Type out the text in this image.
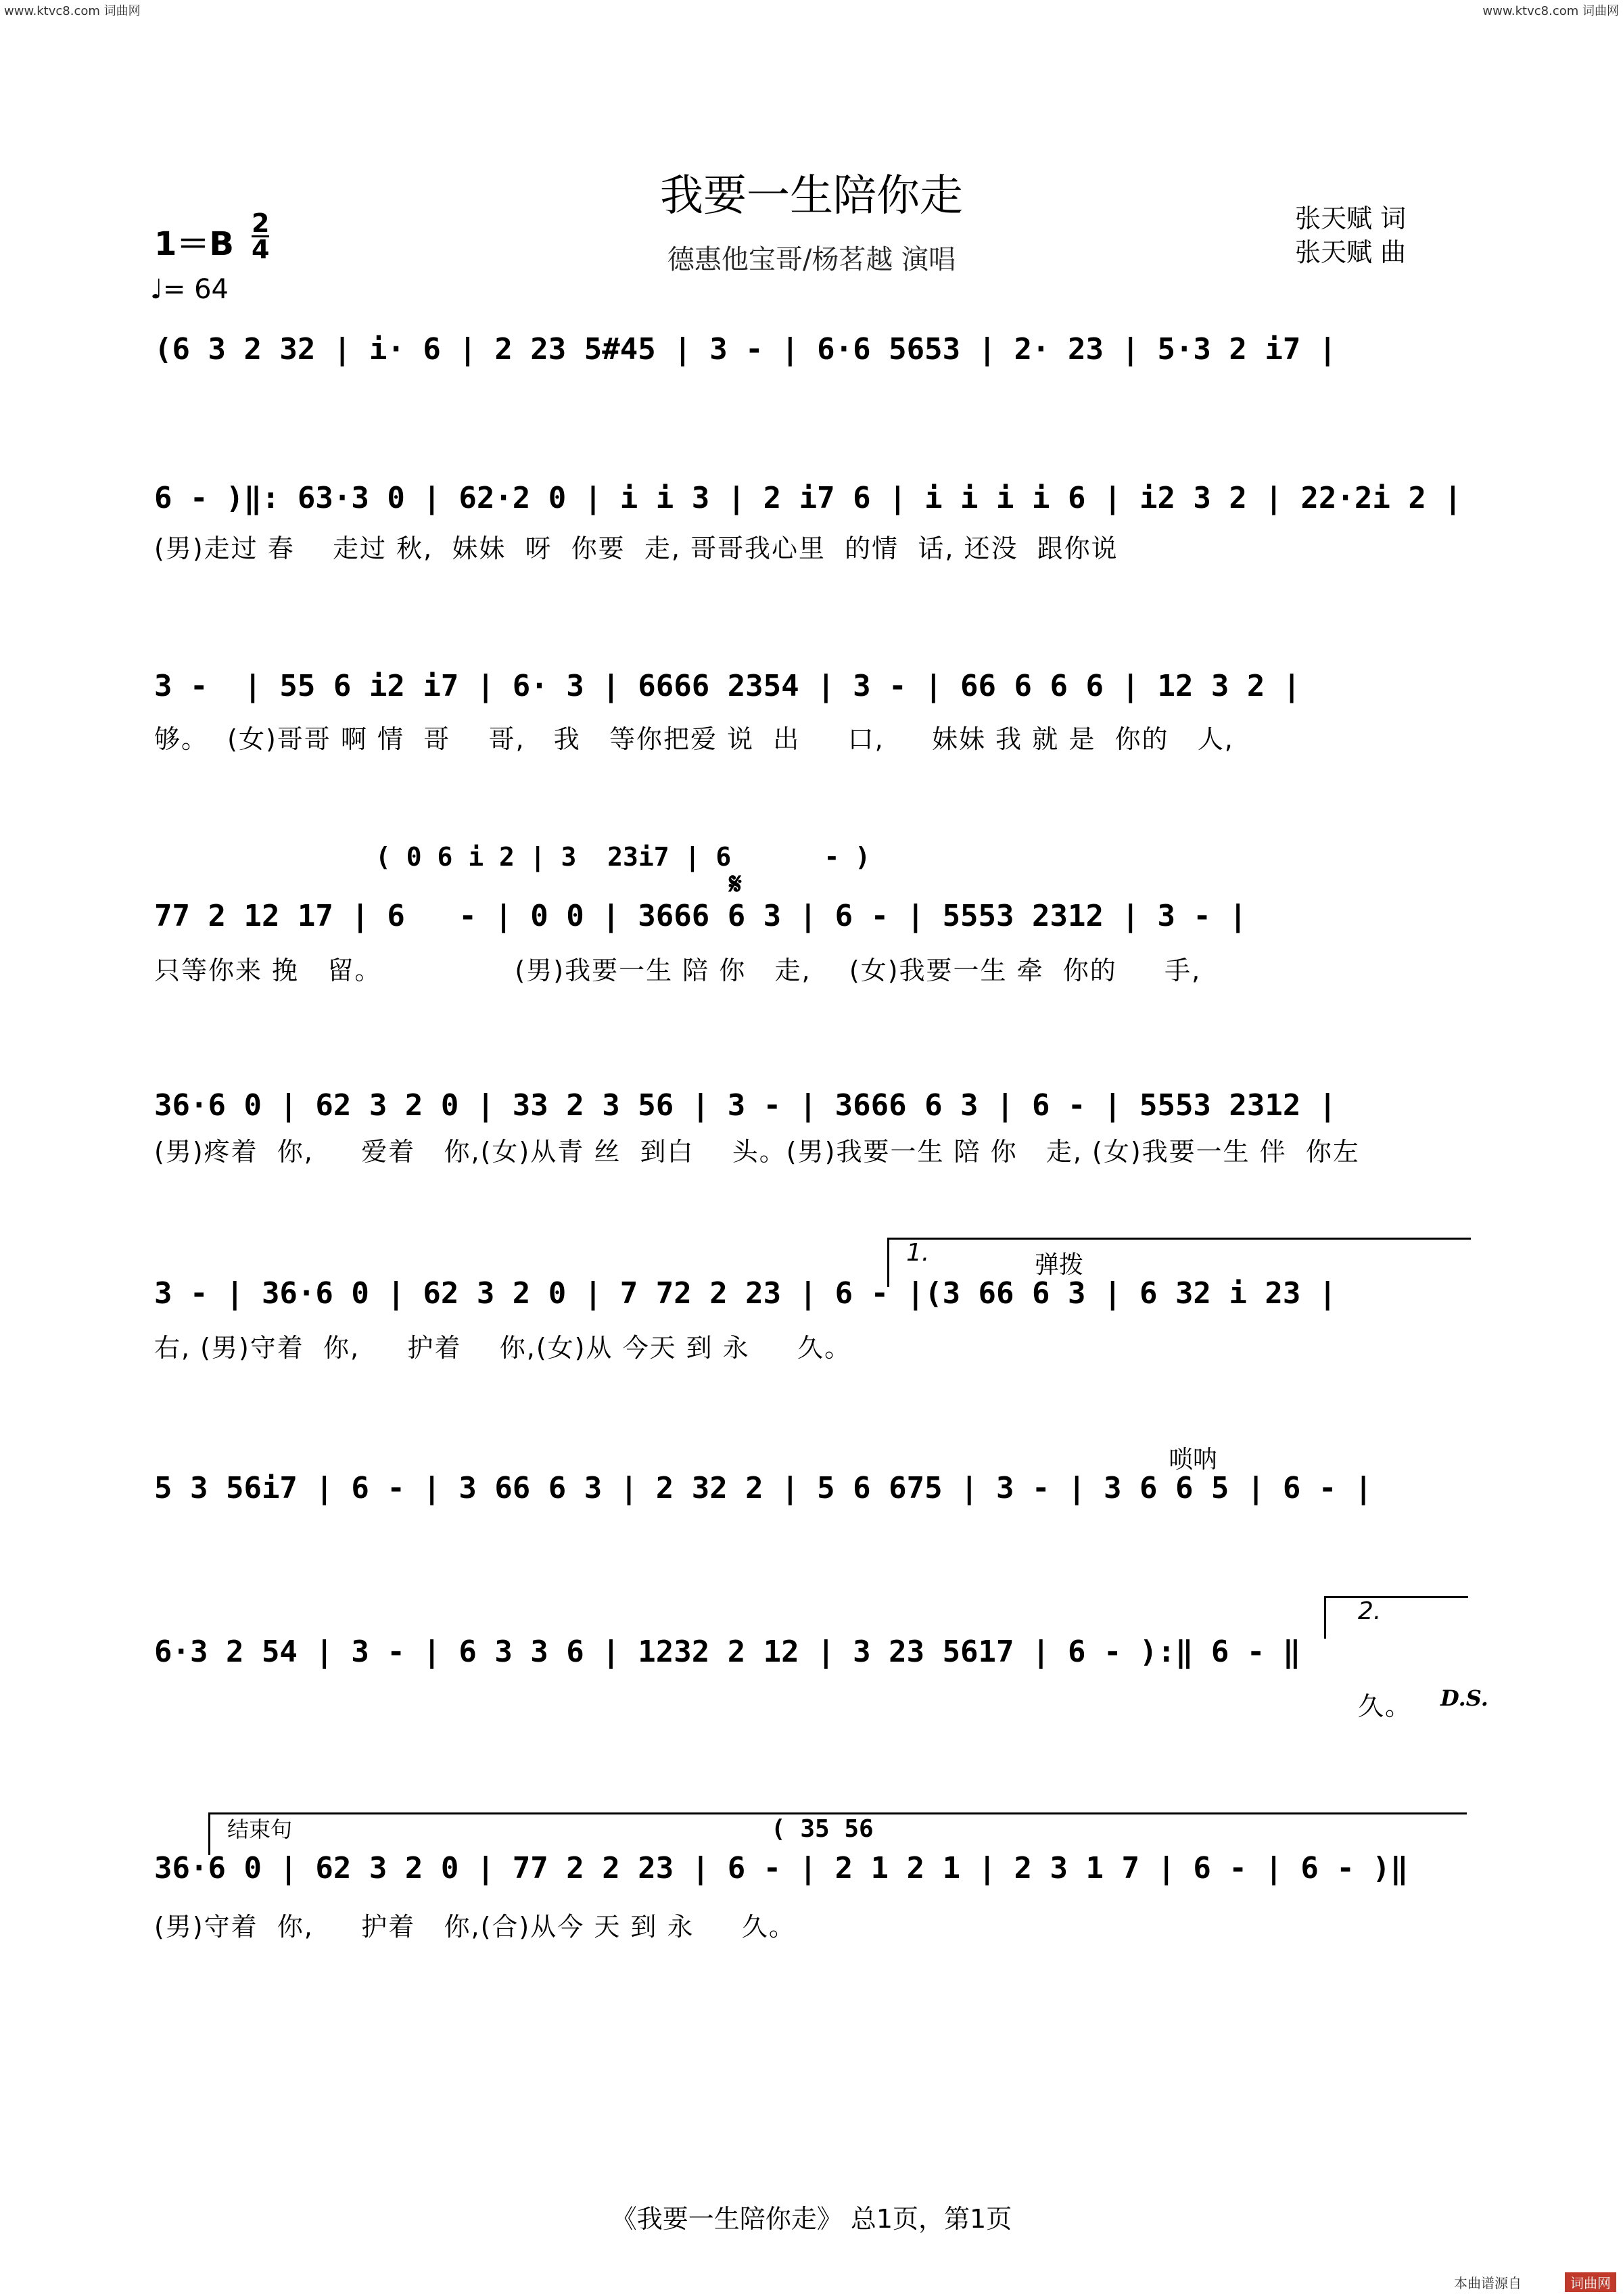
www.ktvc8.com 词曲网	www.ktvc8.com 词曲网
我要一生陪你走
德惠他宝哥/杨茗越 演唱
张天赋 词
张天赋 曲
1＝B
2
4
♩= 64
(6 3 2 32 | i· 6 | 2 23 5#45 | 3 - | 6·6 5653 | 2· 23 | 5·3 2 i7 |
6 - )‖: 63·3 0 | 62·2 0 | i i 3 | 2 i7 6 | i i i i 6 | i2 3 2 | 22·2i 2 |
(男)走过 春    走过 秋,  妹妹  呀  你要  走, 哥哥我心里  的情  话, 还没  跟你说
3 -  | 55 6 i2 i7 | 6· 3 | 6666 2354 | 3 - | 66 6 6 6 | 12 3 2 |
够。  (女)哥哥 啊 情  哥    哥,   我   等你把爱 说  出     口,     妹妹 我 就 是  你的   人,
( 0 6 i 2 | 3  23i7 | 6      - )
𝄋
77 2 12 17 | 6   - | 0 0 | 3666 6 3 | 6 - | 5553 2312 | 3 - |
只等你来 挽   留。              (男)我要一生 陪 你   走,    (女)我要一生 牵  你的     手,
36·6 0 | 62 3 2 0 | 33 2 3 56 | 3 - | 3666 6 3 | 6 - | 5553 2312 |
(男)疼着  你,     爱着   你,(女)从青 丝  到白    头。(男)我要一生 陪 你   走, (女)我要一生 伴  你左
1.	弹拨
3 - | 36·6 0 | 62 3 2 0 | 7 72 2 23 | 6 - |(3 66 6 3 | 6 32 i 23 |
右, (男)守着  你,     护着    你,(女)从 今天 到 永     久。
唢呐
5 3 56i7 | 6 - | 3 66 6 3 | 2 32 2 | 5 6 675 | 3 - | 3 6 6 5 | 6 - |
2.
6·3 2 54 | 3 - | 6 3 3 6 | 1232 2 12 | 3 23 5617 | 6 - ):‖ 6 - ‖
久。	D.S.
结束句	( 35 56
36·6 0 | 62 3 2 0 | 77 2 2 23 | 6 - | 2 1 2 1 | 2 3 1 7 | 6 - | 6 - )‖
(男)守着  你,     护着   你,(合)从今 天 到 永     久。
《我要一生陪你走》 总1页，第1页
本曲谱源自	词曲网
